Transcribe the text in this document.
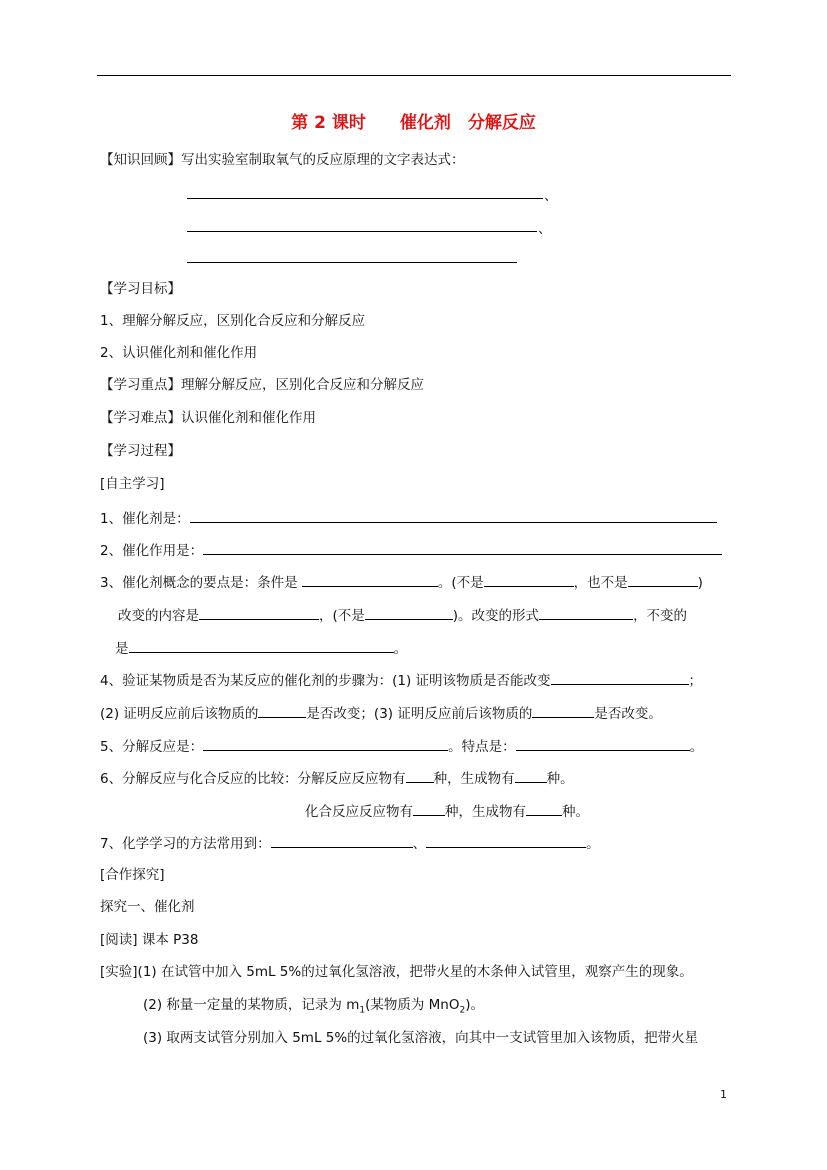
第 2 课时　　催化剂　分解反应
【知识回顾】写出实验室制取氧气的反应原理的文字表达式：
、
、
【学习目标】
1、理解分解反应，区别化合反应和分解反应
2、认识催化剂和催化作用
【学习重点】理解分解反应，区别化合反应和分解反应
【学习难点】认识催化剂和催化作用
【学习过程】
[自主学习]
1、催化剂是：
2、催化作用是：
3、催化剂概念的要点是：条件是	。(不是	，也不是	)
改变的内容是	，(不是	)。改变的形式	，不变的
是	。
4、验证某物质是否为某反应的催化剂的步骤为：(1) 证明该物质是否能改变	；
(2) 证明反应前后该物质的	是否改变；(3) 证明反应前后该物质的	是否改变。
5、分解反应是：	。特点是：	。
6、分解反应与化合反应的比较：分解反应反应物有 种，生成物有 种。
化合反应反应物有 种，生成物有	种。
7、化学学习的方法常用到：	、	。
[合作探究]
探究一、催化剂
[阅读] 课本 P38
[实验](1) 在试管中加入 5mL 5%的过氧化氢溶液，把带火星的木条伸入试管里，观察产生的现象。
(2) 称量一定量的某物质，记录为 $m_1$(某物质为 MnO$_2$)。
(3) 取两支试管分别加入 5mL 5%的过氧化氢溶液，向其中一支试管里加入该物质，把带火星
1
